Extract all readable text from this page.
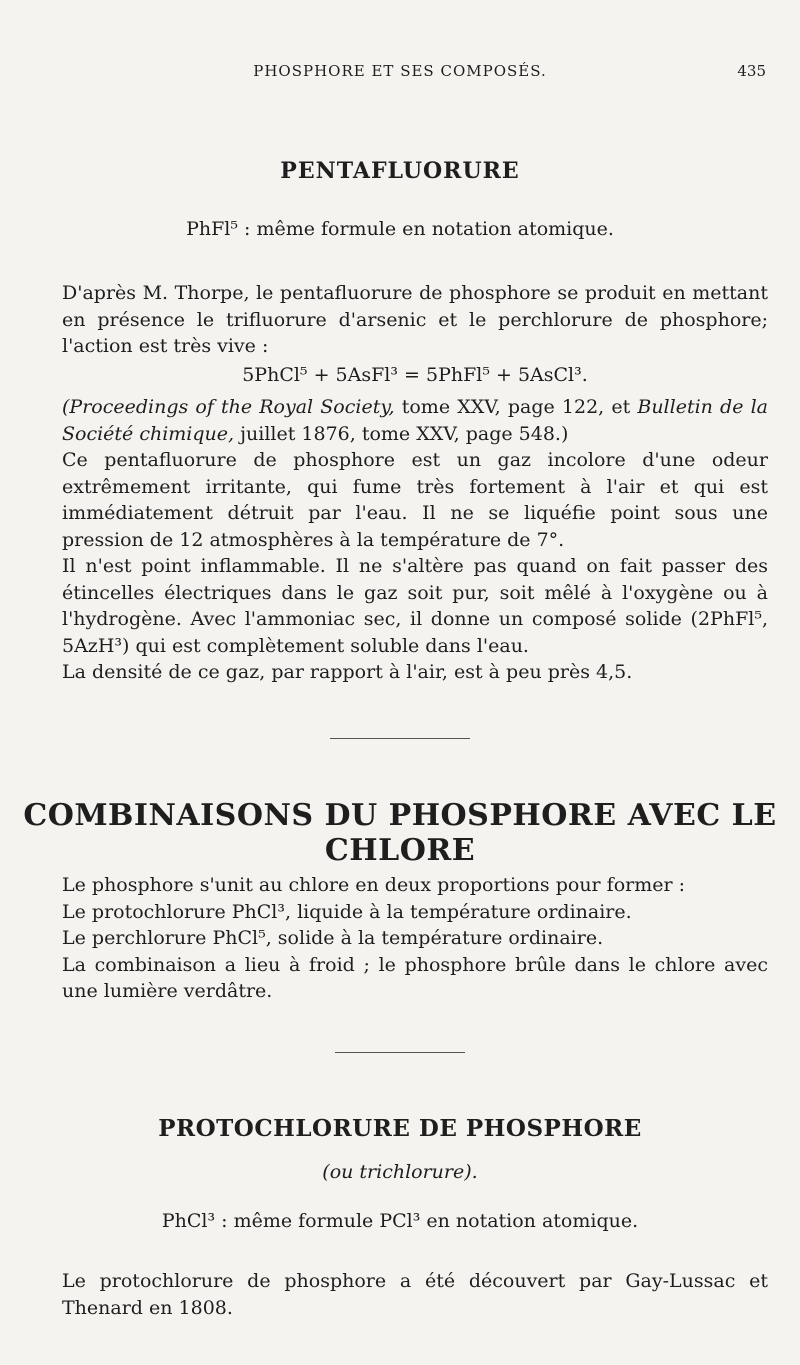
PHOSPHORE ET SES COMPOSÉS.	435
PENTAFLUORURE
PhFl⁵ : même formule en notation atomique.

D'après M. Thorpe, le pentafluorure de phosphore se produit en mettant en présence le trifluorure d'arsenic et le perchlorure de phosphore; l'action est très vive :

5PhCl⁵ + 5AsFl³ = 5PhFl⁵ + 5AsCl³.

(Proceedings of the Royal Society, tome XXV, page 122, et Bulletin de la Société chimique, juillet 1876, tome XXV, page 548.)

Ce pentafluorure de phosphore est un gaz incolore d'une odeur extrêmement irritante, qui fume très fortement à l'air et qui est immédiatement détruit par l'eau. Il ne se liquéfie point sous une pression de 12 atmosphères à la température de 7°.

Il n'est point inflammable. Il ne s'altère pas quand on fait passer des étincelles électriques dans le gaz soit pur, soit mêlé à l'oxygène ou à l'hydrogène. Avec l'ammoniac sec, il donne un composé solide (2PhFl⁵, 5AzH³) qui est complètement soluble dans l'eau.

La densité de ce gaz, par rapport à l'air, est à peu près 4,5.

COMBINAISONS DU PHOSPHORE AVEC LE CHLORE

Le phosphore s'unit au chlore en deux proportions pour former :

Le protochlorure PhCl³, liquide à la température ordinaire.

Le perchlorure PhCl⁵, solide à la température ordinaire.

La combinaison a lieu à froid ; le phosphore brûle dans le chlore avec une lumière verdâtre.

PROTOCHLORURE DE PHOSPHORE
(ou trichlorure).
PhCl³ : même formule PCl³ en notation atomique.

Le protochlorure de phosphore a été découvert par Gay-Lussac et Thenard en 1808.
